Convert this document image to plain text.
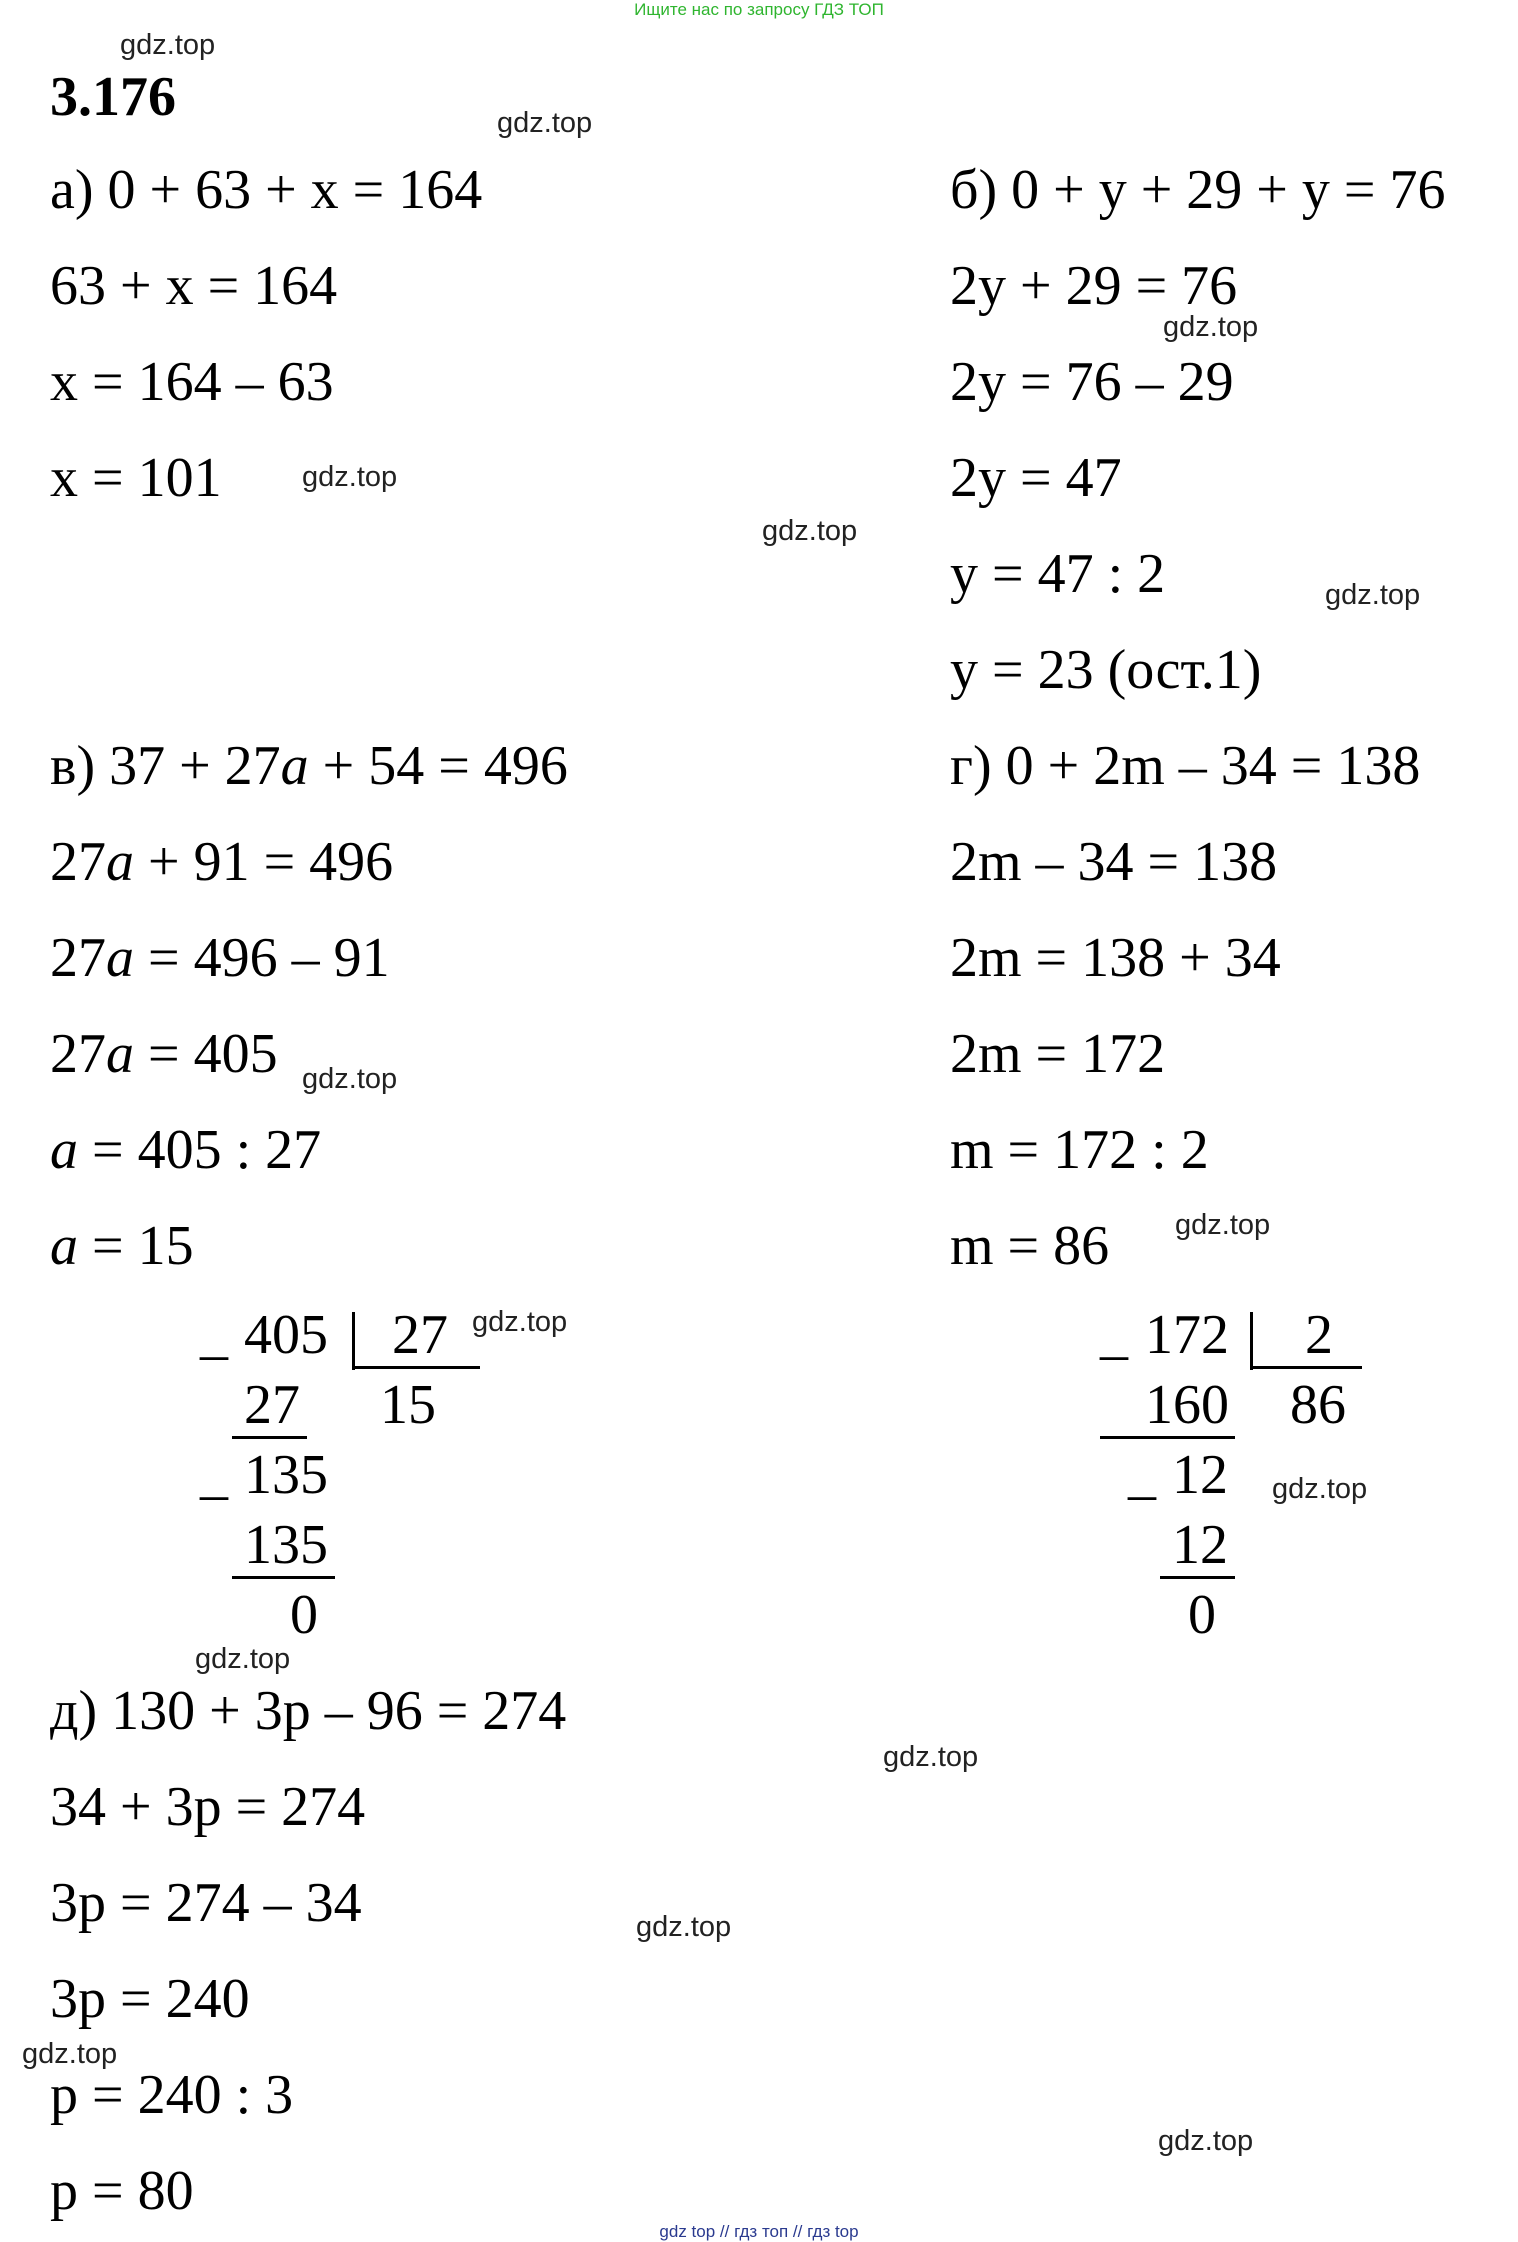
Ищите нас по запросу ГДЗ ТОП
3.176
а) 0 + 63 + x = 164
63 + x = 164
x = 164 – 63
x = 101
б) 0 + y + 29 + y = 76
2y + 29 = 76
2y = 76 – 29
2y = 47
y = 47 : 2
y = 23 (ост.1)
в) 37 + 27a + 54 = 496
27a + 91 = 496
27a = 496 – 91
27a = 405
a = 405 : 27
a = 15
_ 405 27
15
27
_ 135
135
0
г) 0 + 2m – 34 = 138
2m – 34 = 138
2m = 138 + 34
2m = 172
m = 172 : 2
m = 86
_ 172 2
86
160
_ 12
12
0
д) 130 + 3p – 96 = 274
34 + 3p = 274
3p = 274 – 34
3p = 240
p = 240 : 3
p = 80
gdz.top
gdz.top
gdz.top
gdz.top
gdz.top
gdz.top
gdz.top
gdz.top
gdz.top
gdz.top
gdz.top
gdz.top
gdz.top
gdz.top
gdz.top
gdz top // гдз топ // гдз top
